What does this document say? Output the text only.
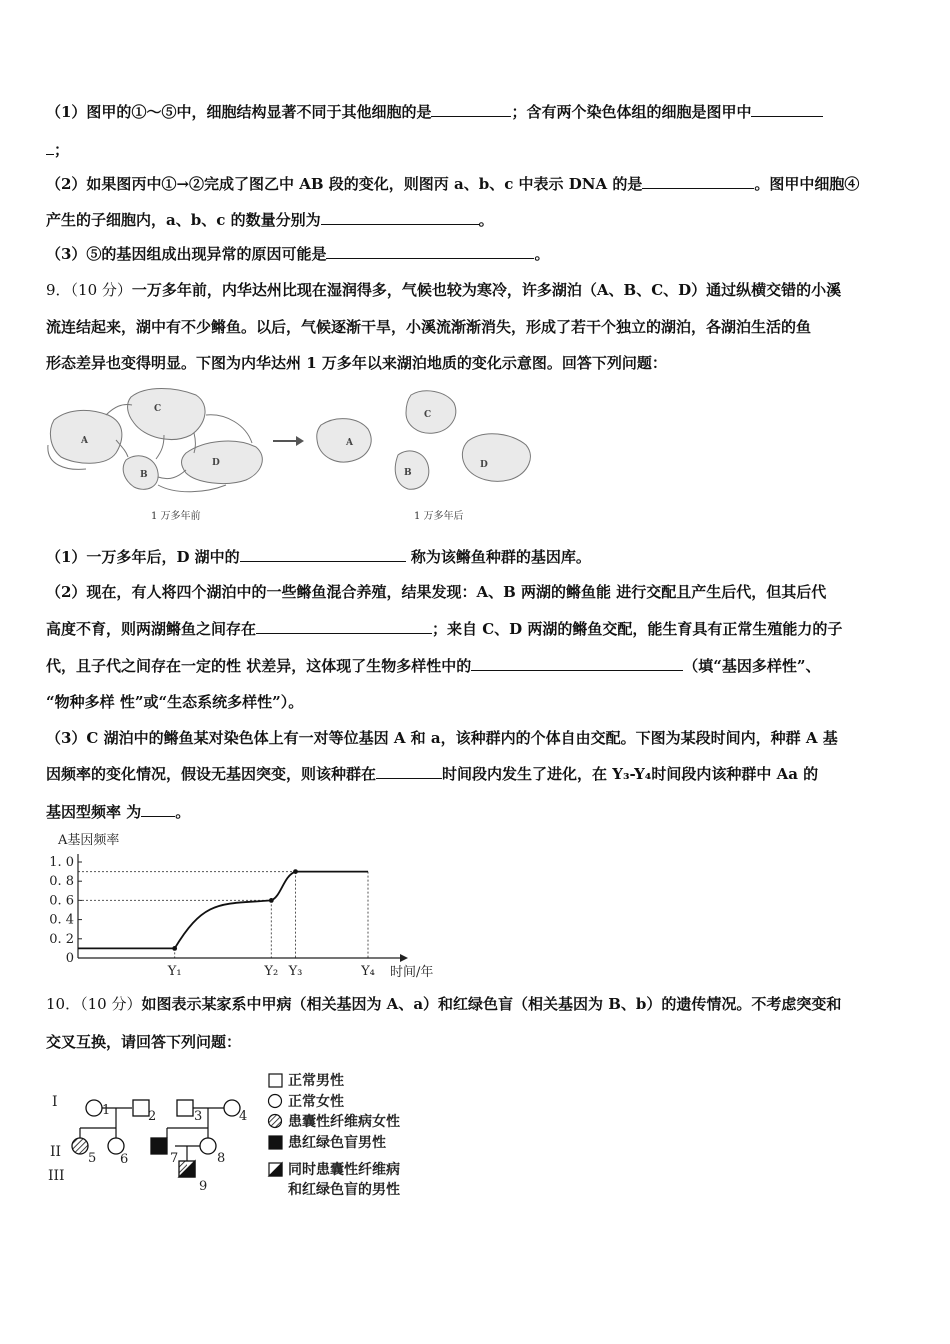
（1）图甲的①～⑤中，细胞结构显著不同于其他细胞的是	；含有两个染色体组的细胞是图甲中
；
（2）如果图丙中①→②完成了图乙中 AB 段的变化，则图丙 a、b、c 中表示 DNA 的是	。图甲中细胞④
产生的子细胞内，a、b、c 的数量分别为	。
（3）⑤的基因组成出现异常的原因可能是	。
9．（10 分）一万多年前，内华达州比现在湿润得多，气候也较为寒冷，许多湖泊（A、B、C、D）通过纵横交错的小溪
流连结起来，湖中有不少鳉鱼。以后，气候逐渐干旱，小溪流渐渐消失，形成了若干个独立的湖泊，各湖泊生活的鱼
形态差异也变得明显。下图为内华达州 1 万多年以来湖泊地质的变化示意图。回答下列问题：
A
B
C
D
1 万多年前
A
B
C
D
1 万多年后
（1）一万多年后，D 湖中的	称为该鳉鱼种群的基因库。
（2）现在，有人将四个湖泊中的一些鳉鱼混合养殖，结果发现：A、B 两湖的鳉鱼能 进行交配且产生后代，但其后代
高度不育，则两湖鳉鱼之间存在	；来自 C、D 两湖的鳉鱼交配，能生育具有正常生殖能力的子
代，且子代之间存在一定的性 状差异，这体现了生物多样性中的	（填“基因多样性”、
“物种多样 性”或“生态系统多样性”）。
（3）C 湖泊中的鳉鱼某对染色体上有一对等位基因 A 和 a，该种群内的个体自由交配。下图为某段时间内，种群 A 基
因频率的变化情况，假设无基因突变，则该种群在	时间段内发生了进化，在 Y₃-Y₄时间段内该种群中 Aa 的
基因型频率 为 。
A基因频率
1. 0
0. 8
0. 6
0. 4
0. 2
0
Y₁	Y₂ Y₃	Y₄ 时间/年
10．（10 分）如图表示某家系中甲病（相关基因为 A、a）和红绿色盲（相关基因为 B、b）的遗传情况。不考虑突变和
交叉互换，请回答下列问题：
I
II
III
1	2	3	4
5 6	7	8
9
正常男性
正常女性
患囊性纤维病女性
患红绿色盲男性
同时患囊性纤维病
和红绿色盲的男性
